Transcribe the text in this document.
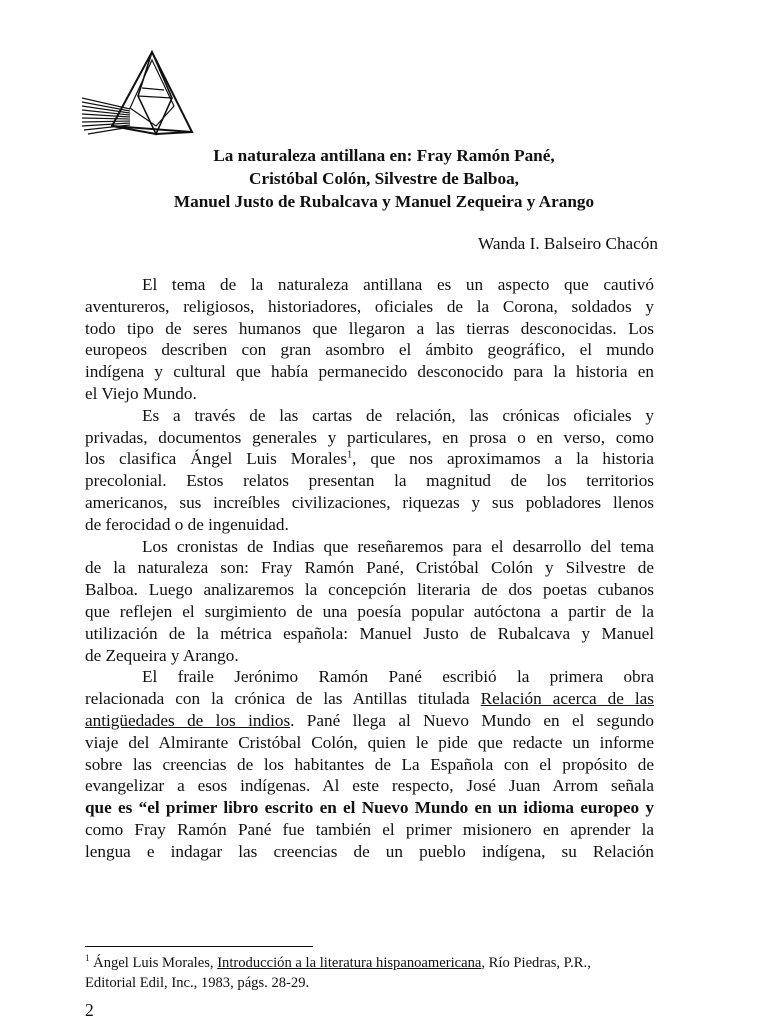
La naturaleza antillana en: Fray Ramón Pané,
Cristóbal Colón, Silvestre de Balboa,
Manuel Justo de Rubalcava y Manuel Zequeira y Arango
Wanda I. Balseiro Chacón

El tema de la naturaleza antillana es un aspecto que cautivó
aventureros, religiosos, historiadores, oficiales de la Corona, soldados y
todo tipo de seres humanos que llegaron a las tierras desconocidas. Los
europeos describen con gran asombro el ámbito geográfico, el mundo
indígena y cultural que había permanecido desconocido para la historia en
el Viejo Mundo.

Es a través de las cartas de relación, las crónicas oficiales y
privadas, documentos generales y particulares, en prosa o en verso, como
los clasifica Ángel Luis Morales$^1$, que nos aproximamos a la historia
precolonial. Estos relatos presentan la magnitud de los territorios
americanos, sus increíbles civilizaciones, riquezas y sus pobladores llenos
de ferocidad o de ingenuidad.

Los cronistas de Indias que reseñaremos para el desarrollo del tema
de la naturaleza son: Fray Ramón Pané, Cristóbal Colón y Silvestre de
Balboa. Luego analizaremos la concepción literaria de dos poetas cubanos
que reflejen el surgimiento de una poesía popular autóctona a partir de la
utilización de la métrica española: Manuel Justo de Rubalcava y Manuel
de Zequeira y Arango.

El fraile Jerónimo Ramón Pané escribió la primera obra
relacionada con la crónica de las Antillas titulada Relación acerca de las
antigüedades de los indios. Pané llega al Nuevo Mundo en el segundo
viaje del Almirante Cristóbal Colón, quien le pide que redacte un informe
sobre las creencias de los habitantes de La Española con el propósito de
evangelizar a esos indígenas. Al este respecto, José Juan Arrom señala
que es “el primer libro escrito en el Nuevo Mundo en un idioma europeo y
como Fray Ramón Pané fue también el primer misionero en aprender la
lengua e indagar las creencias de un pueblo indígena, su Relación

$^1$ Ángel Luis Morales, Introducción a la literatura hispanoamericana, Río Piedras, P.R.,
Editorial Edil, Inc., 1983, págs. 28-29.
2
